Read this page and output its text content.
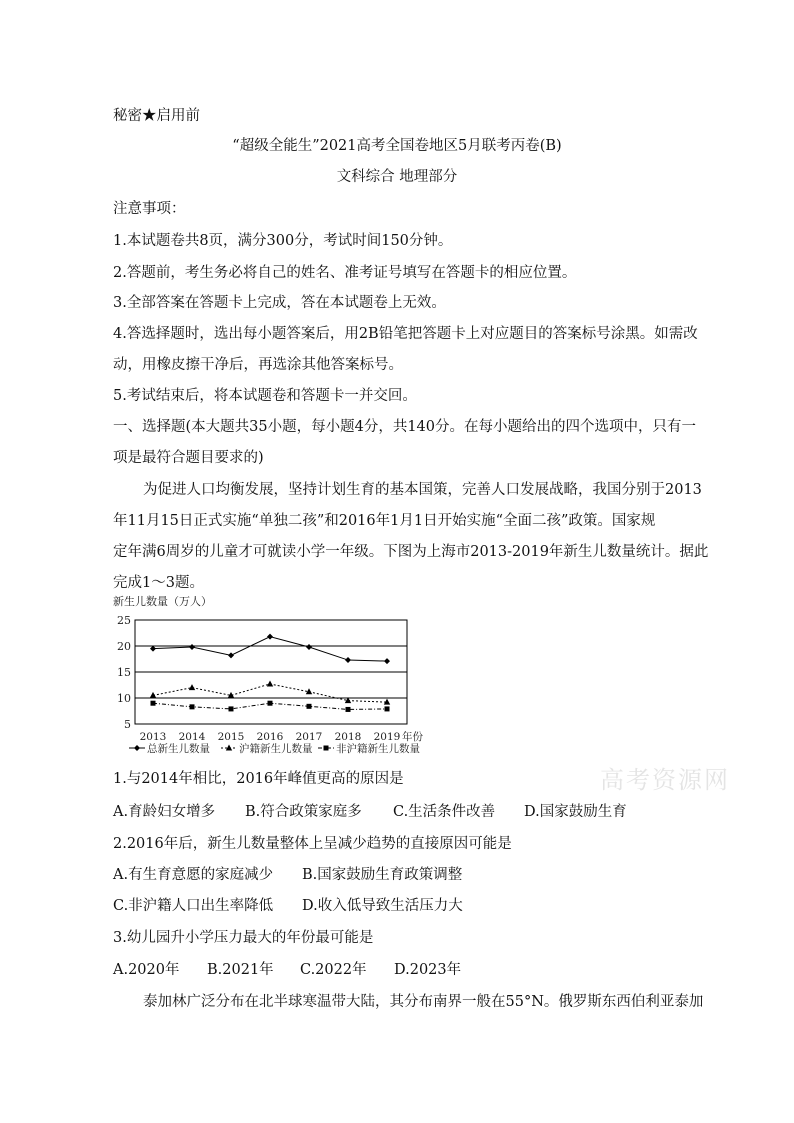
秘密★启用前
“超级全能生”2021高考全国卷地区5月联考丙卷(B)
文科综合 地理部分
注意事项：
1.本试题卷共8页，满分300分，考试时间150分钟。
2.答题前，考生务必将自己的姓名、准考证号填写在答题卡的相应位置。
3.全部答案在答题卡上完成，答在本试题卷上无效。
4.答选择题时，选出每小题答案后，用2B铅笔把答题卡上对应题目的答案标号涂黑。如需改
动，用橡皮擦干净后，再选涂其他答案标号。
5.考试结束后，将本试题卷和答题卡一并交回。
一、选择题(本大题共35小题，每小题4分，共140分。在每小题给出的四个选项中，只有一
项是最符合题目要求的)
为促进人口均衡发展，坚持计划生育的基本国策，完善人口发展战略，我国分别于2013
年11月15日正式实施“单独二孩”和2016年1月1日开始实施“全面二孩”政策。国家规
定年满6周岁的儿童才可就读小学一年级。下图为上海市2013-2019年新生儿数量统计。据此
完成1～3题。
新生儿数量（万人）
25
20
15
10
5
2013 2014 2015 2016 2017 2018 2019 年份
总新生儿数量	沪籍新生儿数量 非沪籍新生儿数量
1.与2014年相比，2016年峰值更高的原因是
A.育龄妇女增多 B.符合政策家庭多 C.生活条件改善 D.国家鼓励生育
2.2016年后，新生儿数量整体上呈减少趋势的直接原因可能是
A.有生育意愿的家庭减少 B.国家鼓励生育政策调整
C.非沪籍人口出生率降低 D.收入低导致生活压力大
3.幼儿园升小学压力最大的年份最可能是
A.2020年 B.2021年 C.2022年 D.2023年
泰加林广泛分布在北半球寒温带大陆，其分布南界一般在55°N。俄罗斯东西伯利亚泰加
高考资源网
